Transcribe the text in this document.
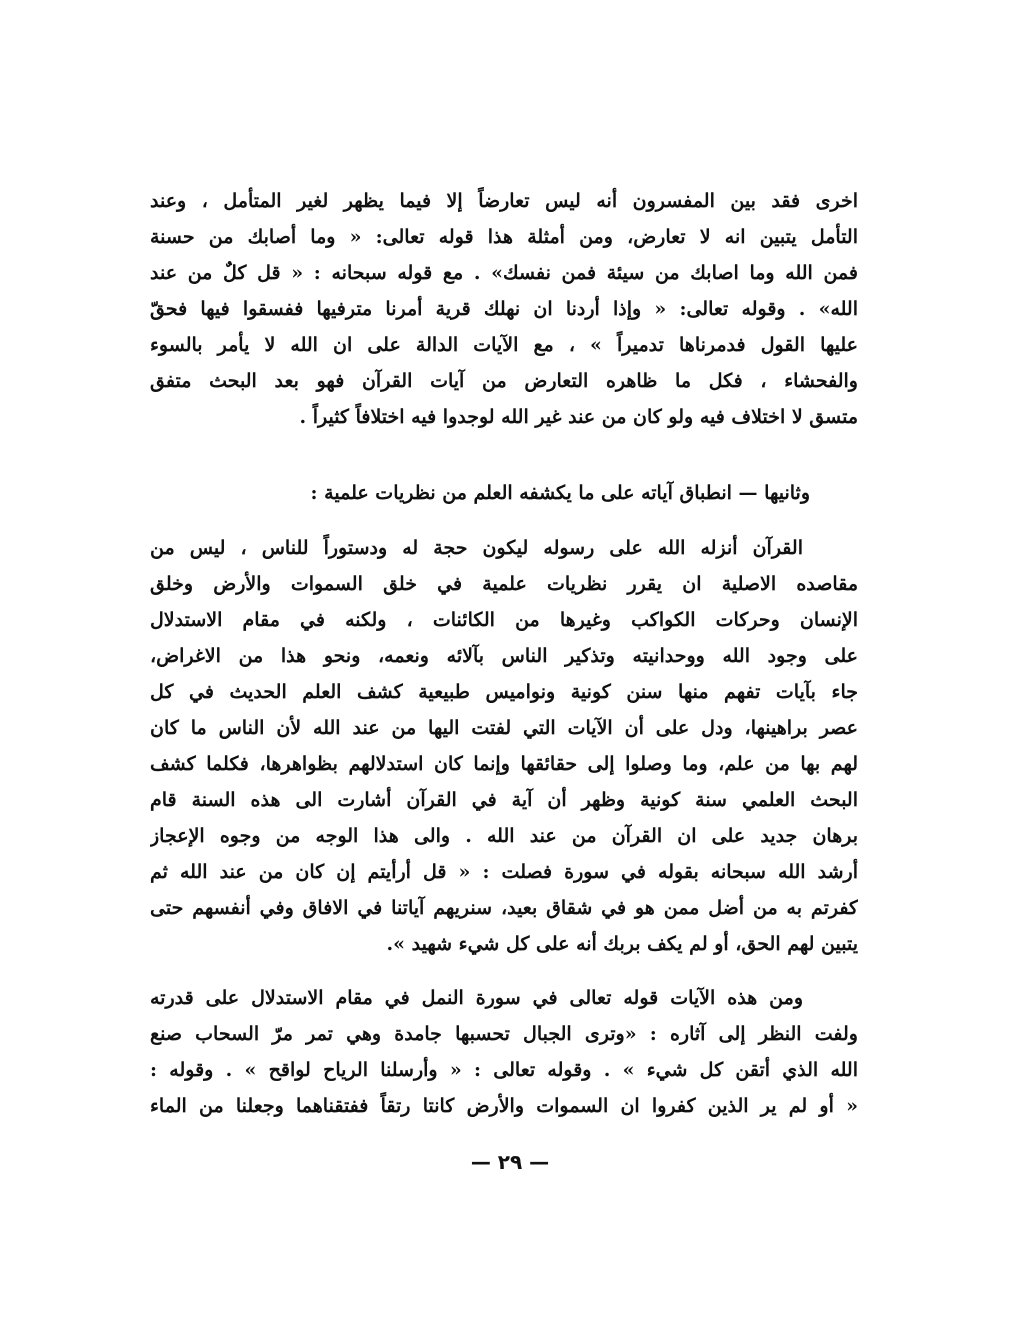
اخرى فقد بين المفسرون أنه ليس تعارضاً إلا فيما يظهر لغير المتأمل ، وعند
التأمل يتبين انه لا تعارض، ومن أمثلة هذا قوله تعالى: « وما أصابك من حسنة
فمن الله وما اصابك من سيئة فمن نفسك» . مع قوله سبحانه : « قل كلٌ من عند
الله» . وقوله تعالى: « وإذا أردنا ان نهلك قرية أمرنا مترفيها ففسقوا فيها فحقّ
عليها القول فدمرناها تدميراً » ، مع الآيات الدالة على ان الله لا يأمر بالسوء
والفحشاء ، فكل ما ظاهره التعارض من آيات القرآن فهو بعد البحث متفق
متسق لا اختلاف فيه ولو كان من عند غير الله لوجدوا فيه اختلافاً كثيراً .
وثانيها — انطباق آياته على ما يكشفه العلم من نظريات علمية :
القرآن أنزله الله على رسوله ليكون حجة له ودستوراً للناس ، ليس من
مقاصده الاصلية ان يقرر نظريات علمية في خلق السموات والأرض وخلق
الإنسان وحركات الكواكب وغيرها من الكائنات ، ولكنه في مقام الاستدلال
على وجود الله ووحدانيته وتذكير الناس بآلائه ونعمه، ونحو هذا من الاغراض،
جاء بآيات تفهم منها سنن كونية ونواميس طبيعية كشف العلم الحديث في كل
عصر براهينها، ودل على أن الآيات التي لفتت اليها من عند الله لأن الناس ما كان
لهم بها من علم، وما وصلوا إلى حقائقها وإنما كان استدلالهم بظواهرها، فكلما كشف
البحث العلمي سنة كونية وظهر أن آية في القرآن أشارت الى هذه السنة قام
برهان جديد على ان القرآن من عند الله . والى هذا الوجه من وجوه الإعجاز
أرشد الله سبحانه بقوله في سورة فصلت : « قل أرأيتم إن كان من عند الله ثم
كفرتم به من أضل ممن هو في شقاق بعيد، سنريهم آياتنا في الافاق وفي أنفسهم حتى
يتبين لهم الحق، أو لم يكف بربك أنه على كل شيء شهيد ».
ومن هذه الآيات قوله تعالى في سورة النمل في مقام الاستدلال على قدرته
ولفت النظر إلى آثاره : «وترى الجبال تحسبها جامدة وهي تمر مرّ السحاب صنع
الله الذي أتقن كل شيء » . وقوله تعالى : « وأرسلنا الرياح لواقح » . وقوله :
« أو لم ير الذين كفروا ان السموات والأرض كانتا رتقاً ففتقناهما وجعلنا من الماء
— ٢٩ —
